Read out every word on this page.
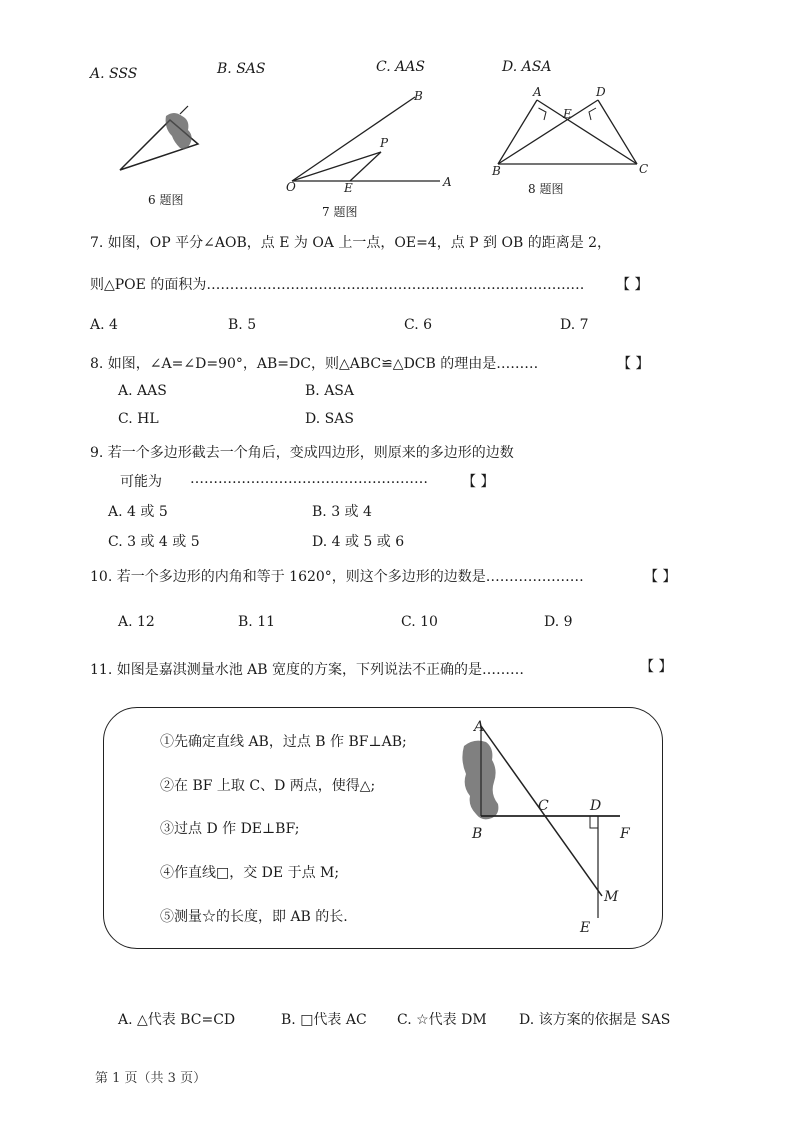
A. SSS	B. SAS	C. AAS	D. ASA
B
P
O	E	A
A	D
E
B	C
6 题图
7 题图
8 题图
7. 如图，OP 平分∠AOB，点 E 为 OA 上一点，OE=4，点 P 到 OB 的距离是 2，
则△POE 的面积为……………………………………………………………………… 【 】
A. 4	B. 5	C. 6	D. 7
8. 如图，∠A=∠D=90°，AB=DC，则△ABC≌△DCB 的理由是………	【 】
A. AAS	B. ASA
C. HL	D. SAS
9. 若一个多边形截去一个角后，变成四边形，则原来的多边形的边数
可能为 …………………………………………… 【 】
A. 4 或 5	B. 3 或 4
C. 3 或 4 或 5	D. 4 或 5 或 6
10. 若一个多边形的内角和等于 1620°，则这个多边形的边数是…………………	【 】
A. 12	B. 11	C. 10	D. 9
11. 如图是嘉淇测量水池 AB 宽度的方案，下列说法不正确的是………	【 】
①先确定直线 AB，过点 B 作 BF⊥AB;
②在 BF 上取 C、D 两点，使得△;
③过点 D 作 DE⊥BF;
④作直线□，交 DE 于点 M;
⑤测量☆的长度，即 AB 的长.
A
B
C	D
F
M
E
A. △代表 BC=CD	B. □代表 AC C. ☆代表 DM D. 该方案的依据是 SAS
第 1 页（共 3 页）
